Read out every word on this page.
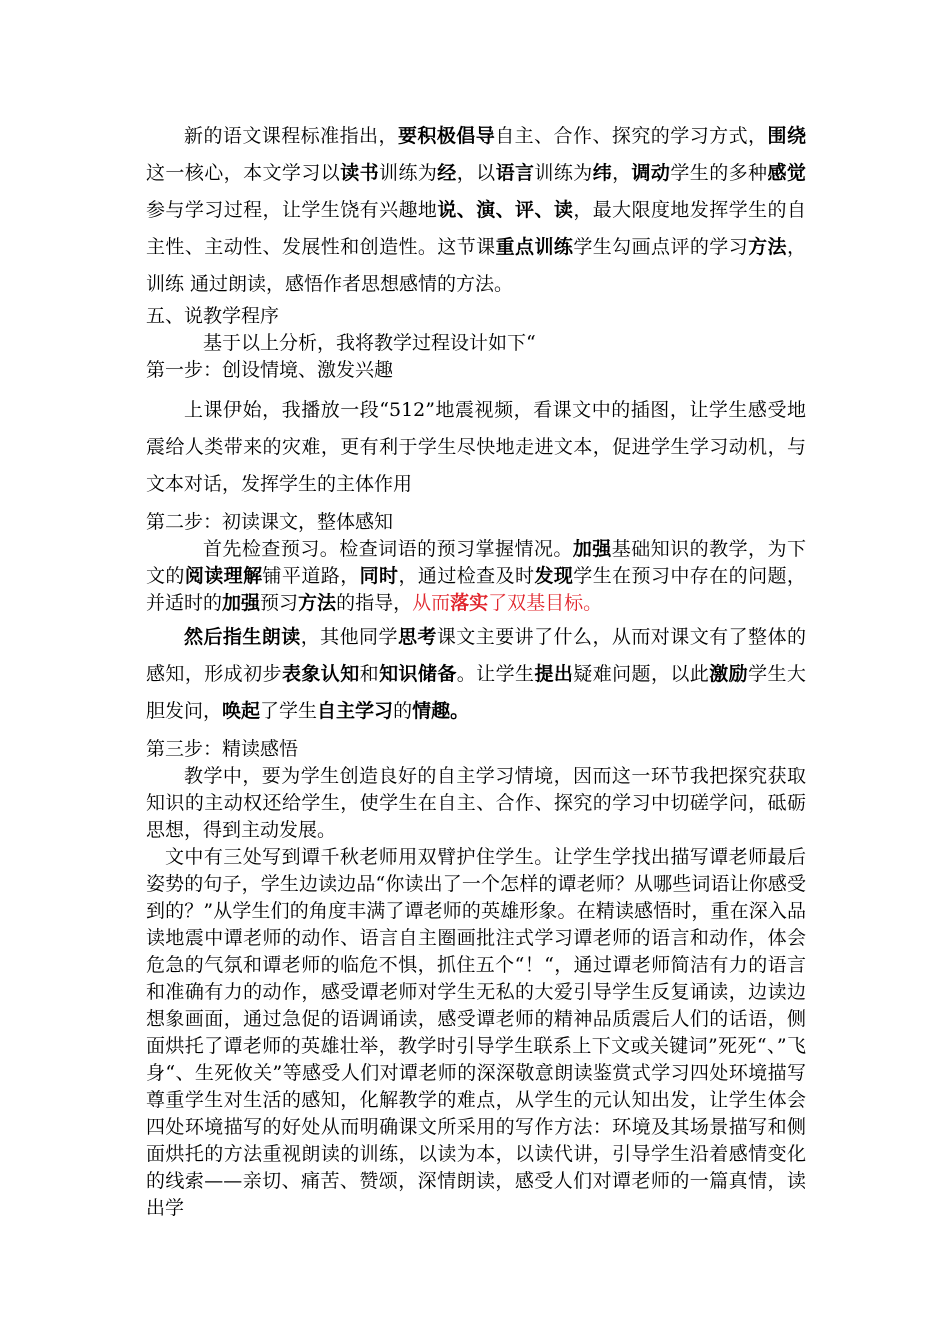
新的语文课程标准指出，要积极倡导自主、合作、探究的学习方式，围绕这一核心，本文学习以读书训练为经，以语言训练为纬，调动学生的多种感觉参与学习过程，让学生饶有兴趣地说、演、评、读，最大限度地发挥学生的自主性、主动性、发展性和创造性。这节课重点训练学生勾画点评的学习方法，训练 通过朗读，感悟作者思想感情的方法。

五、说教学程序

基于以上分析，我将教学过程设计如下“

第一步：创设情境、激发兴趣

上课伊始，我播放一段“512”地震视频，看课文中的插图，让学生感受地震给人类带来的灾难，更有利于学生尽快地走进文本，促进学生学习动机，与文本对话，发挥学生的主体作用

第二步：初读课文，整体感知

首先检查预习。检查词语的预习掌握情况。加强基础知识的教学，为下文的阅读理解铺平道路，同时，通过检查及时发现学生在预习中存在的问题，并适时的加强预习方法的指导，从而落实了双基目标。

然后指生朗读，其他同学思考课文主要讲了什么，从而对课文有了整体的感知，形成初步表象认知和知识储备。让学生提出疑难问题，以此激励学生大胆发问，唤起了学生自主学习的情趣。

第三步：精读感悟

教学中，要为学生创造良好的自主学习情境，因而这一环节我把探究获取知识的主动权还给学生，使学生在自主、合作、探究的学习中切磋学问，砥砺思想，得到主动发展。

文中有三处写到谭千秋老师用双臂护住学生。让学生学找出描写谭老师最后姿势的句子，学生边读边品“你读出了一个怎样的谭老师？从哪些词语让你感受到的？”从学生们的角度丰满了谭老师的英雄形象。在精读感悟时，重在深入品读地震中谭老师的动作、语言自主圈画批注式学习谭老师的语言和动作，体会危急的气氛和谭老师的临危不惧，抓住五个“！“，通过谭老师简洁有力的语言和准确有力的动作，感受谭老师对学生无私的大爱引导学生反复诵读，边读边想象画面，通过急促的语调诵读，感受谭老师的精神品质震后人们的话语，侧面烘托了谭老师的英雄壮举，教学时引导学生联系上下文或关键词”死死“、”飞身“、生死攸关”等感受人们对谭老师的深深敬意朗读鉴赏式学习四处环境描写尊重学生对生活的感知，化解教学的难点，从学生的元认知出发，让学生体会四处环境描写的好处从而明确课文所采用的写作方法：环境及其场景描写和侧面烘托的方法重视朗读的训练，以读为本，以读代讲，引导学生沿着感情变化的线索——亲切、痛苦、赞颂，深情朗读，感受人们对谭老师的一篇真情，读出学
